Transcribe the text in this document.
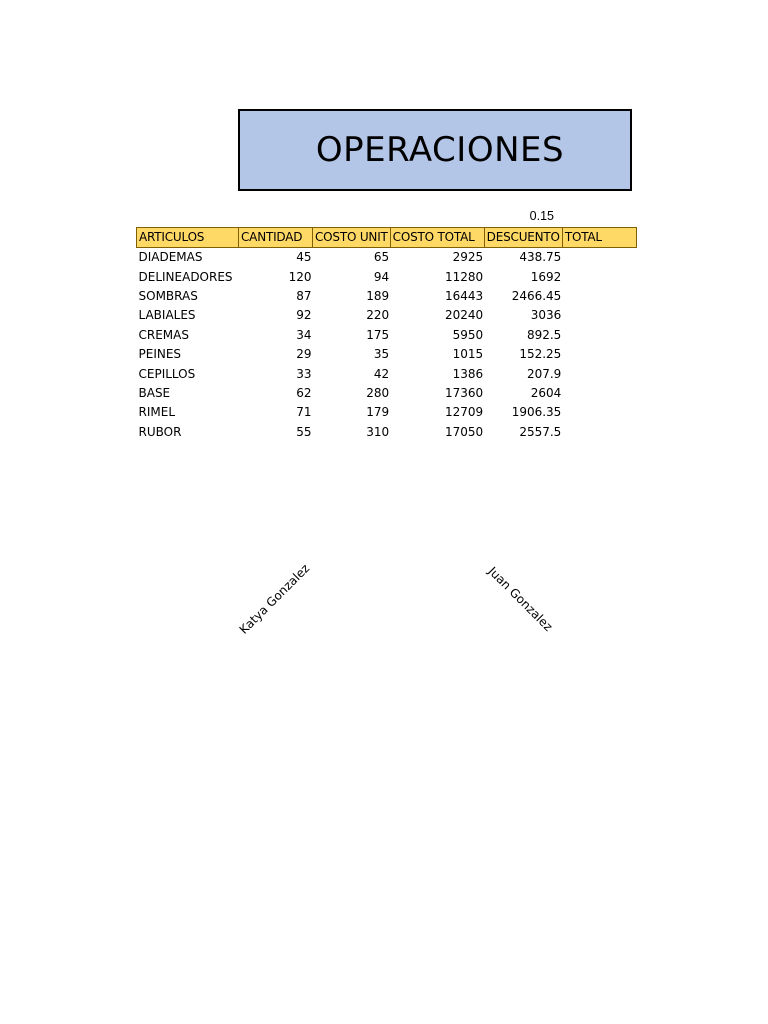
OPERACIONES
0.15
ARTICULOS	CANTIDAD	COSTO UNIT	COSTO TOTAL	DESCUENTO	TOTAL
DIADEMAS	45	65	2925	438.75	
DELINEADORES	120	94	11280	1692	
SOMBRAS	87	189	16443	2466.45	
LABIALES	92	220	20240	3036	
CREMAS	34	175	5950	892.5	
PEINES	29	35	1015	152.25	
CEPILLOS	33	42	1386	207.9	
BASE	62	280	17360	2604	
RIMEL	71	179	12709	1906.35	
RUBOR	55	310	17050	2557.5	
Katya Gonzalez	Juan Gonzalez
